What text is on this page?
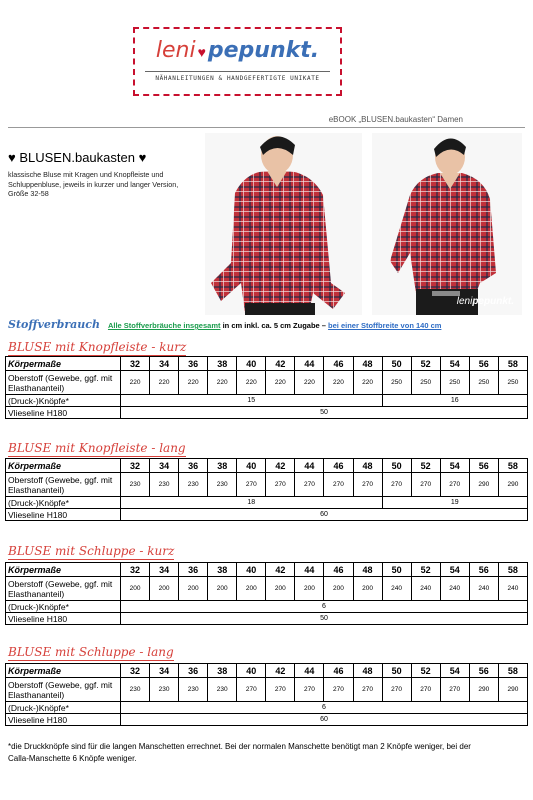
leni ♥pepunkt.
NÄHANLEITUNGEN & HANDGEFERTIGTE UNIKATE
eBOOK „BLUSEN.baukasten“ Damen
♥ BLUSEN.baukasten ♥
klassische Bluse mit Kragen und Knopfleiste und Schluppenbluse, jeweils in kurzer und langer Version, Größe 32-58
lenipepunkt.
Stoffverbrauch Alle Stoffverbräuche insgesamt in cm inkl. ca. 5 cm Zugabe – bei einer Stoffbreite von 140 cm
BLUSE mit Knopfleiste - kurz
BLUSE mit Knopfleiste - lang
BLUSE mit Schluppe - kurz
BLUSE mit Schluppe - lang
Körpermaße	32	34	36	38	40	42	44	46	48	50	52	54	56	58
Oberstoff (Gewebe, ggf. mit Elasthananteil)	220	220	220	220	220	220	220	220	220	250	250	250	250	250
(Druck-)Knöpfe*	15									16				
Vlieseline H180	50													
Körpermaße	32	34	36	38	40	42	44	46	48	50	52	54	56	58
Oberstoff (Gewebe, ggf. mit Elasthananteil)	230	230	230	230	270	270	270	270	270	270	270	270	290	290
(Druck-)Knöpfe*	18									19				
Vlieseline H180	60													
Körpermaße	32	34	36	38	40	42	44	46	48	50	52	54	56	58
Oberstoff (Gewebe, ggf. mit Elasthananteil)	200	200	200	200	200	200	200	200	200	240	240	240	240	240
(Druck-)Knöpfe*	6													
Vlieseline H180	50													
Körpermaße	32	34	36	38	40	42	44	46	48	50	52	54	56	58
Oberstoff (Gewebe, ggf. mit Elasthananteil)	230	230	230	230	270	270	270	270	270	270	270	270	290	290
(Druck-)Knöpfe*	6													
Vlieseline H180	60													
*die Druckknöpfe sind für die langen Manschetten errechnet. Bei der normalen Manschette benötigt man 2 Knöpfe weniger, bei der Calla-Manschette 6 Knöpfe weniger.
